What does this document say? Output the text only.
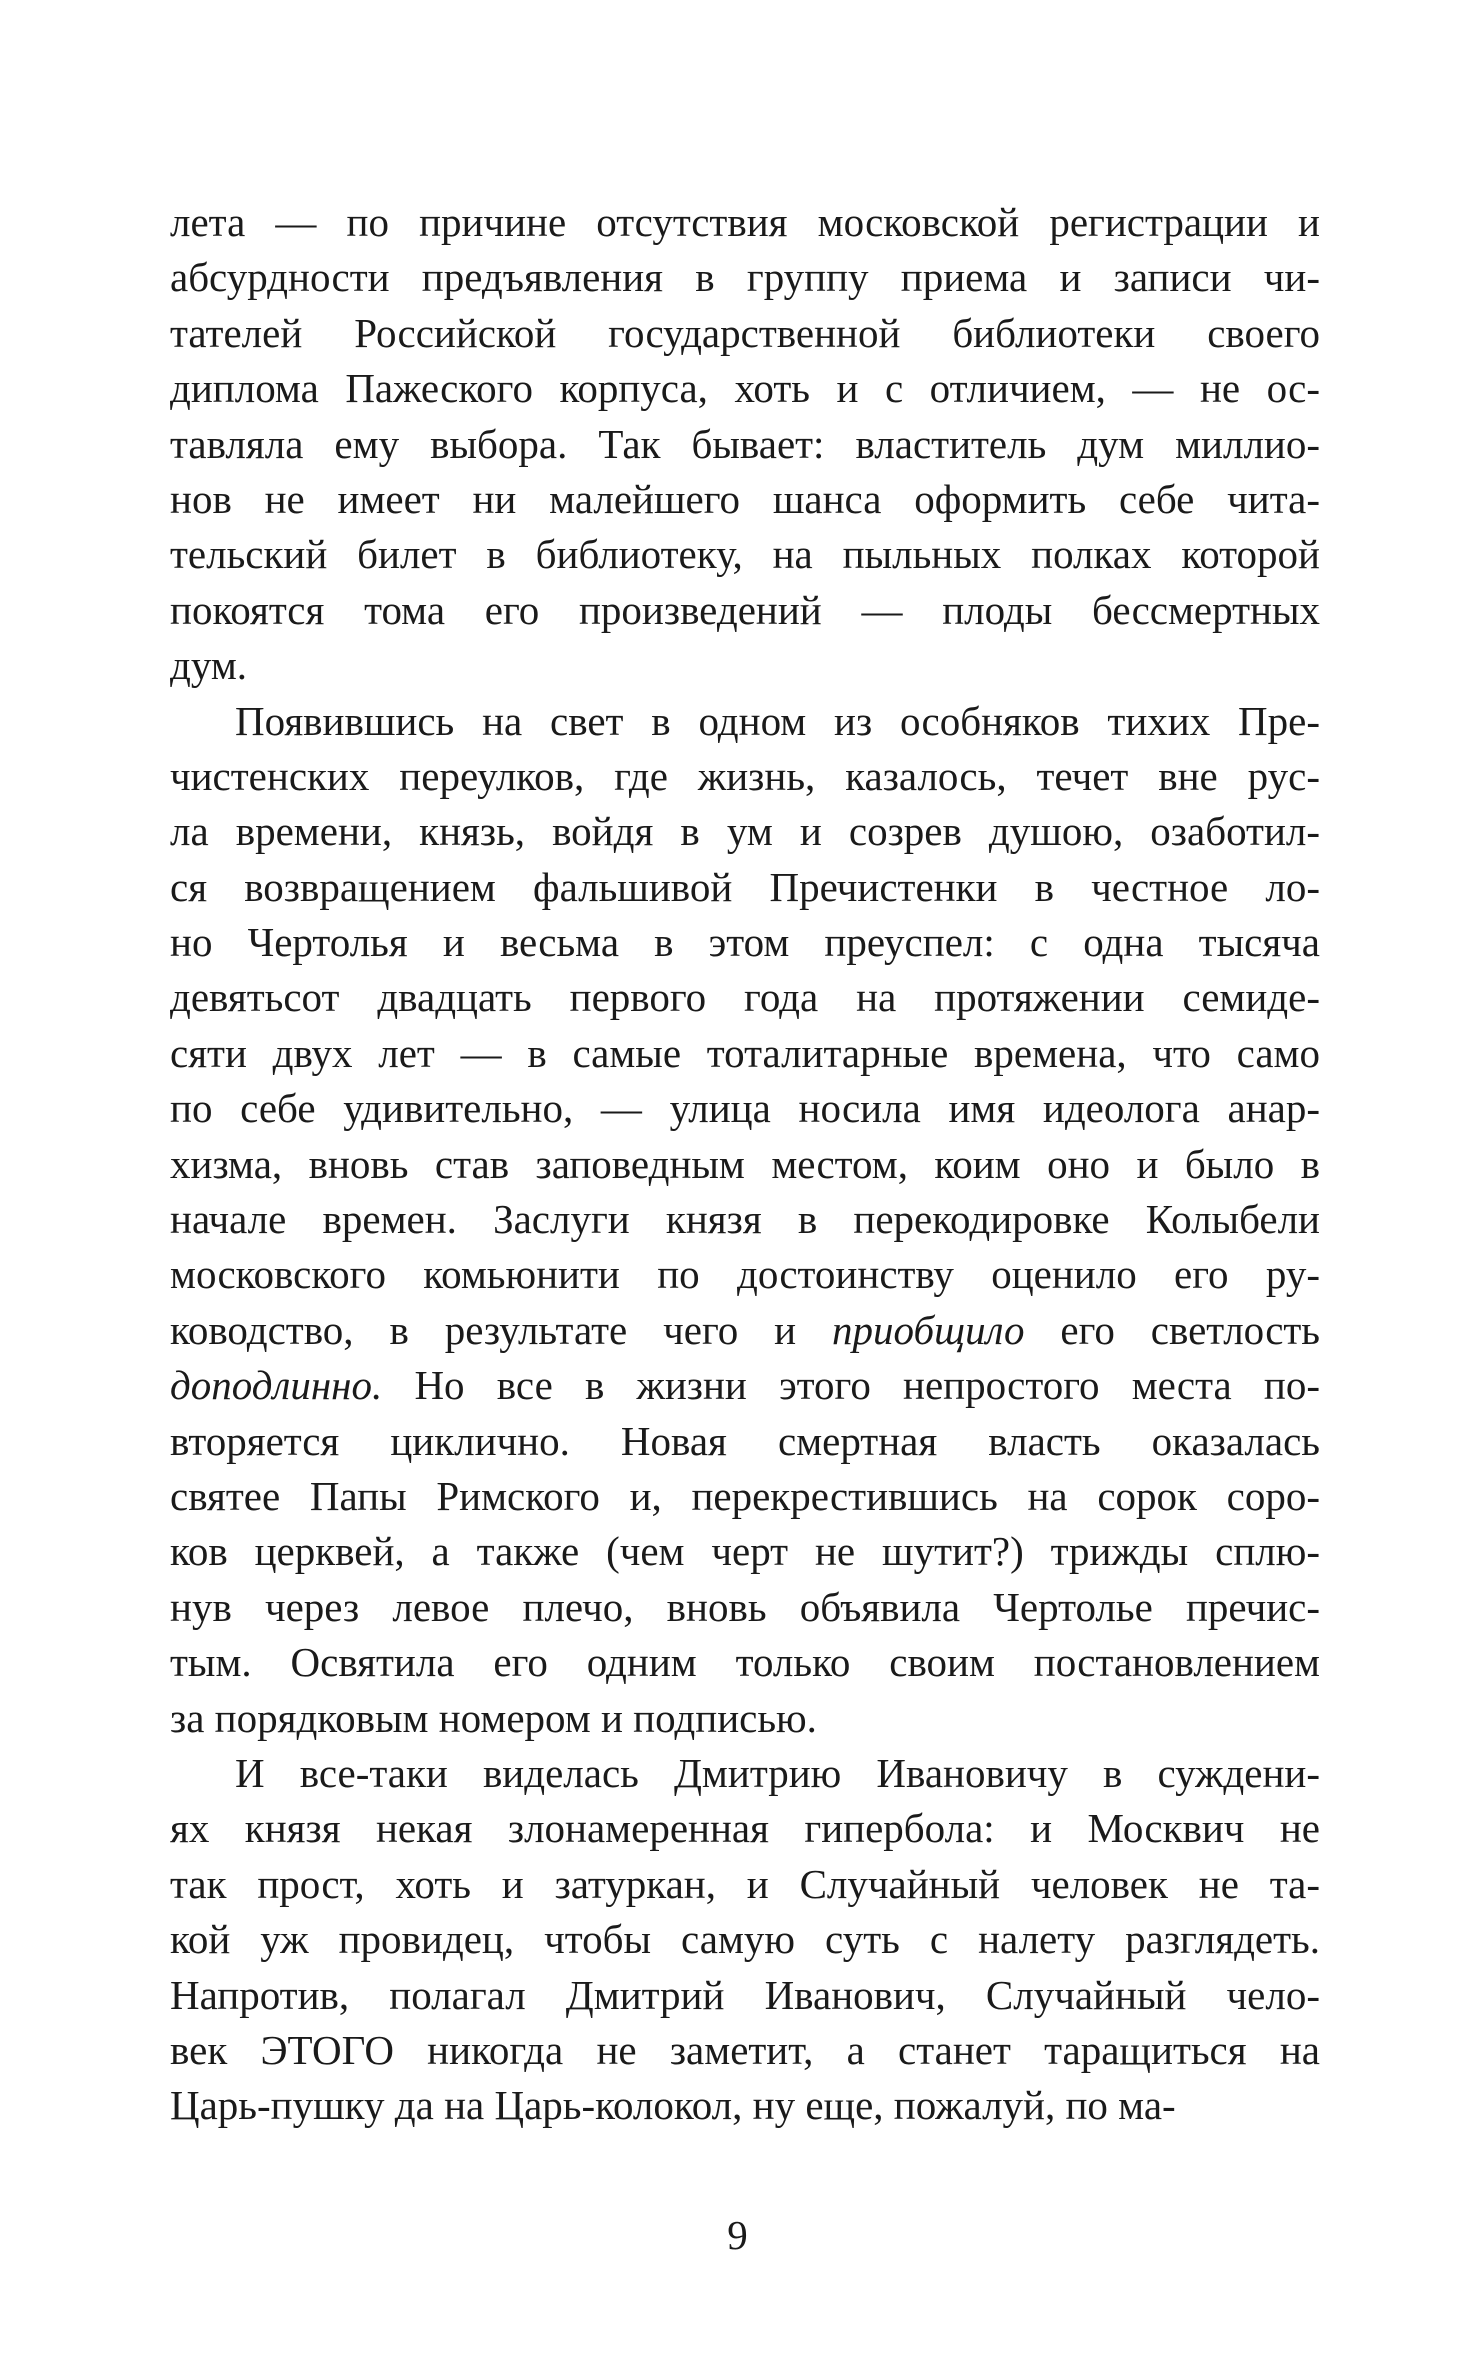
лета — по причине отсутствия московской регистрации и
абсурдности предъявления в группу приема и записи чи-
тателей Российской государственной библиотеки своего
диплома Пажеского корпуса, хоть и с отличием, — не ос-
тавляла ему выбора. Так бывает: властитель дум миллио-
нов не имеет ни малейшего шанса оформить себе чита-
тельский билет в библиотеку, на пыльных полках которой
покоятся тома его произведений — плоды бессмертных
дум.
Появившись на свет в одном из особняков тихих Пре-
чистенских переулков, где жизнь, казалось, течет вне рус-
ла времени, князь, войдя в ум и созрев душою, озаботил-
ся возвращением фальшивой Пречистенки в честное ло-
но Чертолья и весьма в этом преуспел: с одна тысяча
девятьсот двадцать первого года на протяжении семиде-
сяти двух лет — в самые тоталитарные времена, что само
по себе удивительно, — улица носила имя идеолога анар-
хизма, вновь став заповедным местом, коим оно и было в
начале времен. Заслуги князя в перекодировке Колыбели
московского комьюнити по достоинству оценило его ру-
ководство, в результате чего и приобщило его светлость
доподлинно. Но все в жизни этого непростого места по-
вторяется циклично. Новая смертная власть оказалась
святее Папы Римского и, перекрестившись на сорок соро-
ков церквей, а также (чем черт не шутит?) трижды сплю-
нув через левое плечо, вновь объявила Чертолье пречис-
тым. Освятила его одним только своим постановлением
за порядковым номером и подписью.
И все-таки виделась Дмитрию Ивановичу в суждени-
ях князя некая злонамеренная гипербола: и Москвич не
так прост, хоть и затуркан, и Случайный человек не та-
кой уж провидец, чтобы самую суть с налету разглядеть.
Напротив, полагал Дмитрий Иванович, Случайный чело-
век ЭТОГО никогда не заметит, а станет таращиться на
Царь-пушку да на Царь-колокол, ну еще, пожалуй, по ма-
9
